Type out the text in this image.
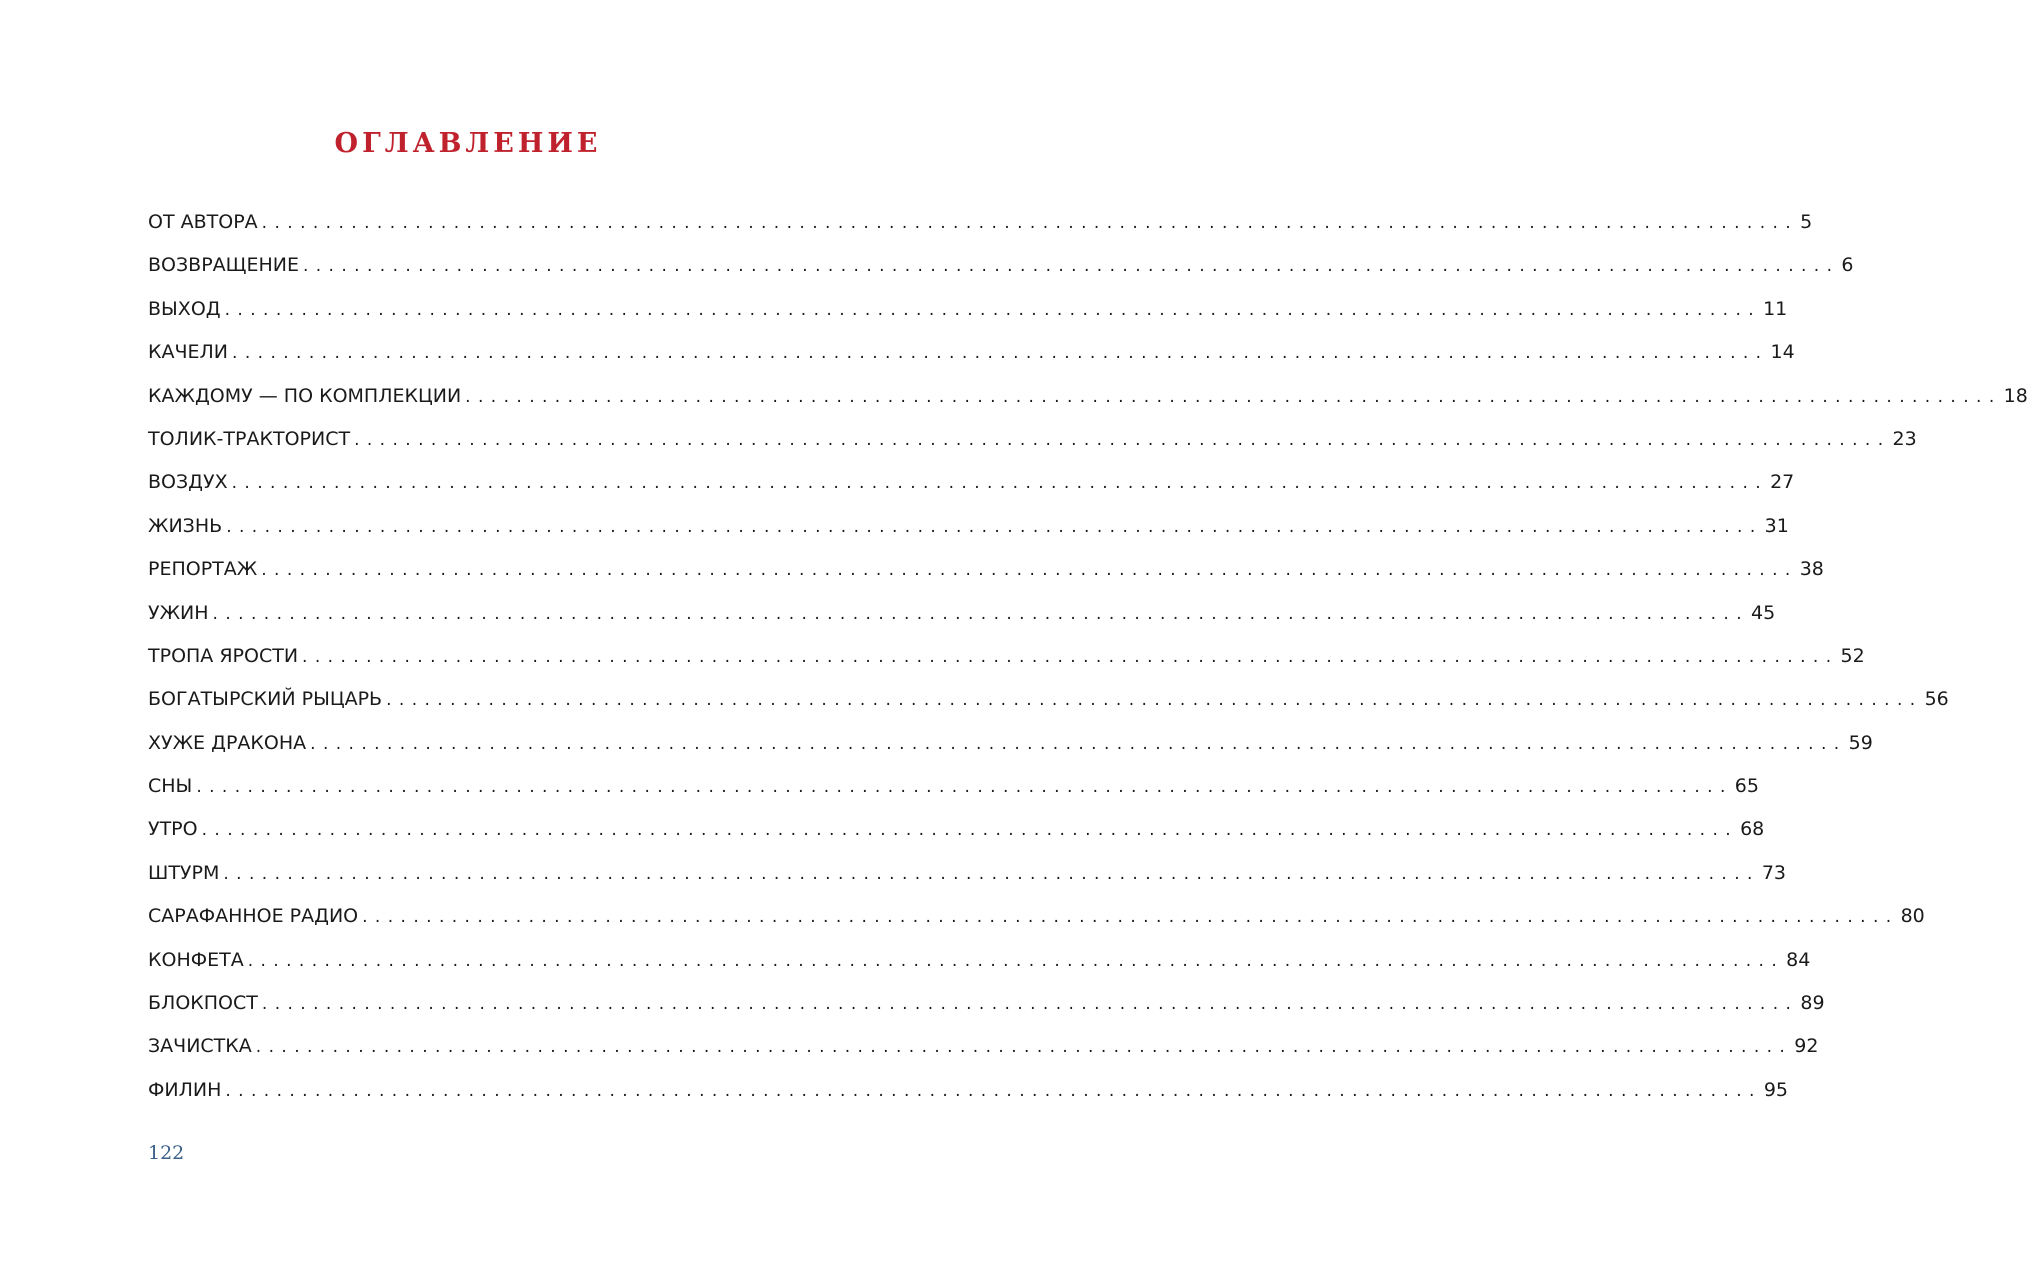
ОГЛАВЛЕНИЕ
ОТ АВТОРА ........................................................................................................................ 5
ВОЗВРАЩЕНИЕ ........................................................................................................................ 6
ВЫХОД ........................................................................................................................ 11
КАЧЕЛИ ........................................................................................................................ 14
КАЖДОМУ — ПО КОМПЛЕКЦИИ ........................................................................................................................ 18
ТОЛИК-ТРАКТОРИСТ ........................................................................................................................ 23
ВОЗДУХ ........................................................................................................................ 27
ЖИЗНЬ ........................................................................................................................ 31
РЕПОРТАЖ ........................................................................................................................ 38
УЖИН ........................................................................................................................ 45
ТРОПА ЯРОСТИ ........................................................................................................................ 52
БОГАТЫРСКИЙ РЫЦАРЬ ........................................................................................................................ 56
ХУЖЕ ДРАКОНА ........................................................................................................................ 59
СНЫ ........................................................................................................................ 65
УТРО ........................................................................................................................ 68
ШТУРМ ........................................................................................................................ 73
САРАФАННОЕ РАДИО ........................................................................................................................ 80
КОНФЕТА ........................................................................................................................ 84
БЛОКПОСТ ........................................................................................................................ 89
ЗАЧИСТКА ........................................................................................................................ 92
ФИЛИН ........................................................................................................................ 95
122
